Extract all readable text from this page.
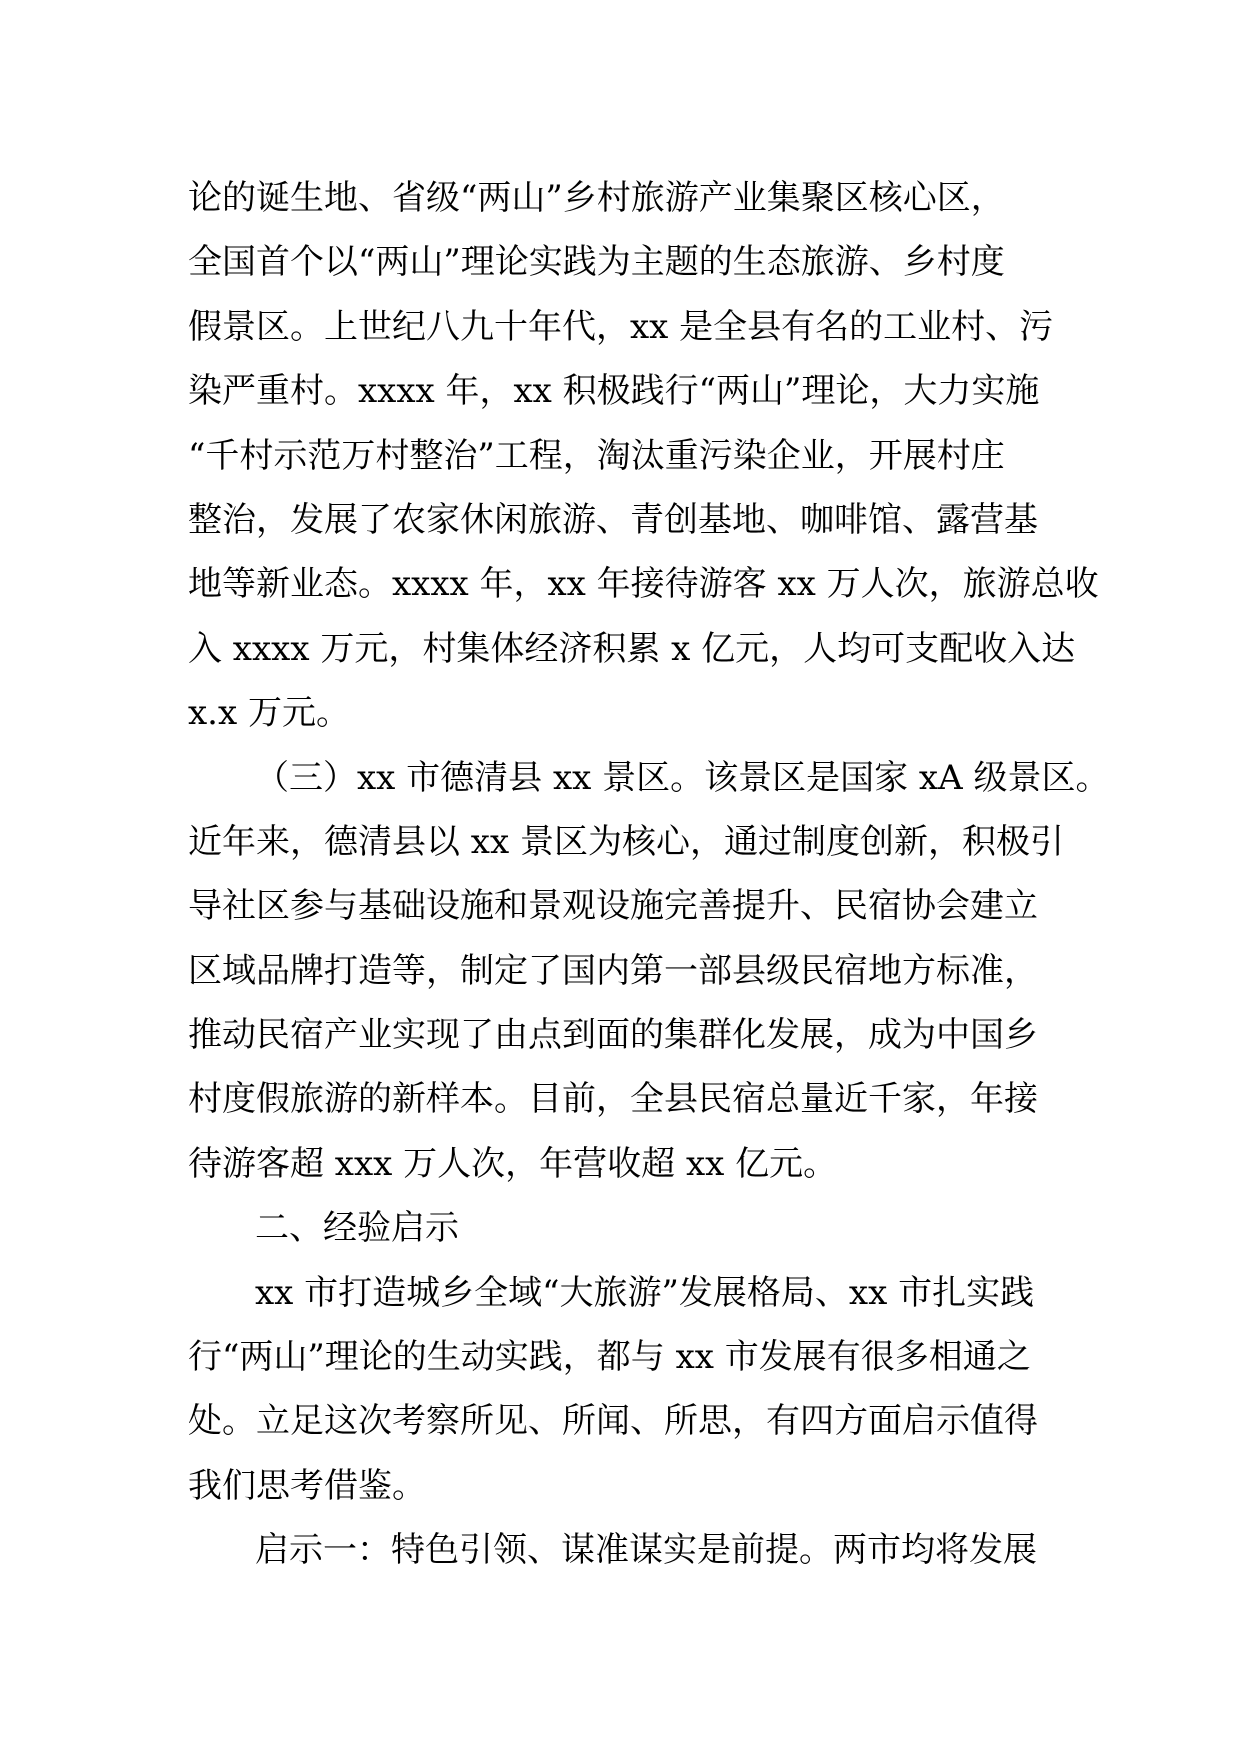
论的诞生地、省级“两山”乡村旅游产业集聚区核心区，
全国首个以“两山”理论实践为主题的生态旅游、乡村度
假景区。上世纪八九十年代，xx 是全县有名的工业村、污
染严重村。xxxx 年，xx 积极践行“两山”理论，大力实施
“千村示范万村整治”工程，淘汰重污染企业，开展村庄
整治，发展了农家休闲旅游、青创基地、咖啡馆、露营基
地等新业态。xxxx 年，xx 年接待游客 xx 万人次，旅游总收
入 xxxx 万元，村集体经济积累 x 亿元，人均可支配收入达
x.x 万元。
（三）xx 市德清县 xx 景区。该景区是国家 xA 级景区。
近年来，德清县以 xx 景区为核心，通过制度创新，积极引
导社区参与基础设施和景观设施完善提升、民宿协会建立
区域品牌打造等，制定了国内第一部县级民宿地方标准，
推动民宿产业实现了由点到面的集群化发展，成为中国乡
村度假旅游的新样本。目前，全县民宿总量近千家，年接
待游客超 xxx 万人次，年营收超 xx 亿元。
二、经验启示
xx 市打造城乡全域“大旅游”发展格局、xx 市扎实践
行“两山”理论的生动实践，都与 xx 市发展有很多相通之
处。立足这次考察所见、所闻、所思，有四方面启示值得
我们思考借鉴。
启示一：特色引领、谋准谋实是前提。两市均将发展
